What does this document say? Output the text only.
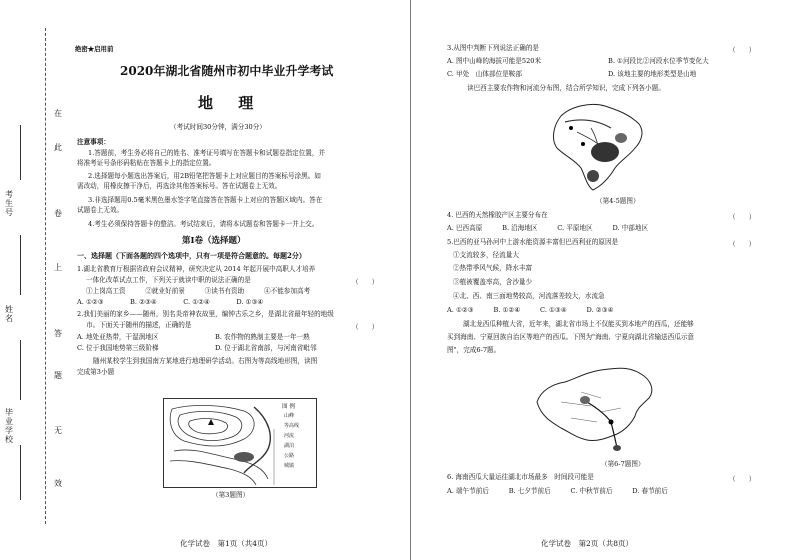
考生号
姓名
毕业学校
在
此
卷
上
答
题
无
效
绝密★启用前
2020年湖北省随州市初中毕业升学考试
地 理
（考试时间30分钟，满分30分）
注意事项：
1.答题前，考生务必将自己的姓名、准考证号填写在答题卡和试题卷指定位置，并
将准考证号条形码粘贴在答题卡上的指定位置。
2.选择题每小题选出答案后，用2B铅笔把答题卡上对应题目的答案标号涂黑。如
需改动，用橡皮擦干净后，再选涂其他答案标号。答在试题卷上无效。
3.非选择题用0.5毫米黑色墨水签字笔直接答在答题卡上对应的答题区域内。答在
试题卷上无效。
4.考生必须保持答题卡的整洁。考试结束后，请将本试题卷和答题卡一并上交。
第Ⅰ卷（选择题）
一、选择题（下面各题的四个选项中，只有一项是符合题意的。每题2分）
1.湖北省教育厅根据省政府会议精神，研究决定从 2014 年起开展中高职人才培养
一体化改革试点工作，下列关于就读中职的说法正确的是	（　　）
①上岗高工资　　　②就业好前景　　　③读书有资助　　　④不能参加高考
A. ①②③　　　　B. ②③④　　　　C. ①②④　　　　D. ①③④
2.我们美丽的家乡——随州，别名炎帝神农故里，编钟古乐之乡，是湖北省最年轻的地级
市。下面关于随州的描述，正确的是	（　　）
A. 地处亚热带，干湿润地区	B. 农作物的熟制主要是一年一熟
C. 位于我国地势第三级阶梯	D. 位于湖北省南部，与河南省毗邻
随州某校学生到我国南方某地进行地理研学活动。右图为等高线地形图，读图
完成第3小题
图 例
山峰
等高线
河流
湖泊
公路
城镇
（第3题图）
化学试卷　第1页（共4页）
3.从图中判断下列说法正确的是	（　　）
A. 图中山峰的海拔可能是520米	B. ①河段比②河段水位季节变化大
C. 甲处　山体部位是鞍部	D. 该地主要的地形类型是山地
读巴西主要农作物和河流分布图，结合所学知识，完成下列各小题。
（第4-5题图）
4. 巴西的天然橡胶产区主要分布在	（　　）
A. 巴西高原　　　B. 沿海地区　　　C. 平原地区　　　D. 中部地区
5.巴西的亚马孙河中上游水能资源丰富但巴西利亚的原因是	（　　）
①支流较多，径流量大
②热带季风气候，降水丰富
③植被覆盖率高，含沙量少
④北、西、南三面地势较高，河流落差较大，水流急
A. ①②③　　　B. ①②④　　　C. ①③④　　　D. ②③④
湖北龙西瓜种植大省，近年来，湖北省市场上不仅能买到本地产的西瓜，还能够
买到海南、宁夏回族自治区等地产的西瓜。下图为"海南、宁夏向湖北省输送西瓜示意
图"，完成6-7题。
（第6-7题图）
6. 海南西瓜大量运往湖北市场最多　时间段可能是	（　　）
A. 端午节前后　　　B. 七夕节前后　　　C. 中秋节前后　　　D. 春节前后
化学试卷　第2页（共8页）
